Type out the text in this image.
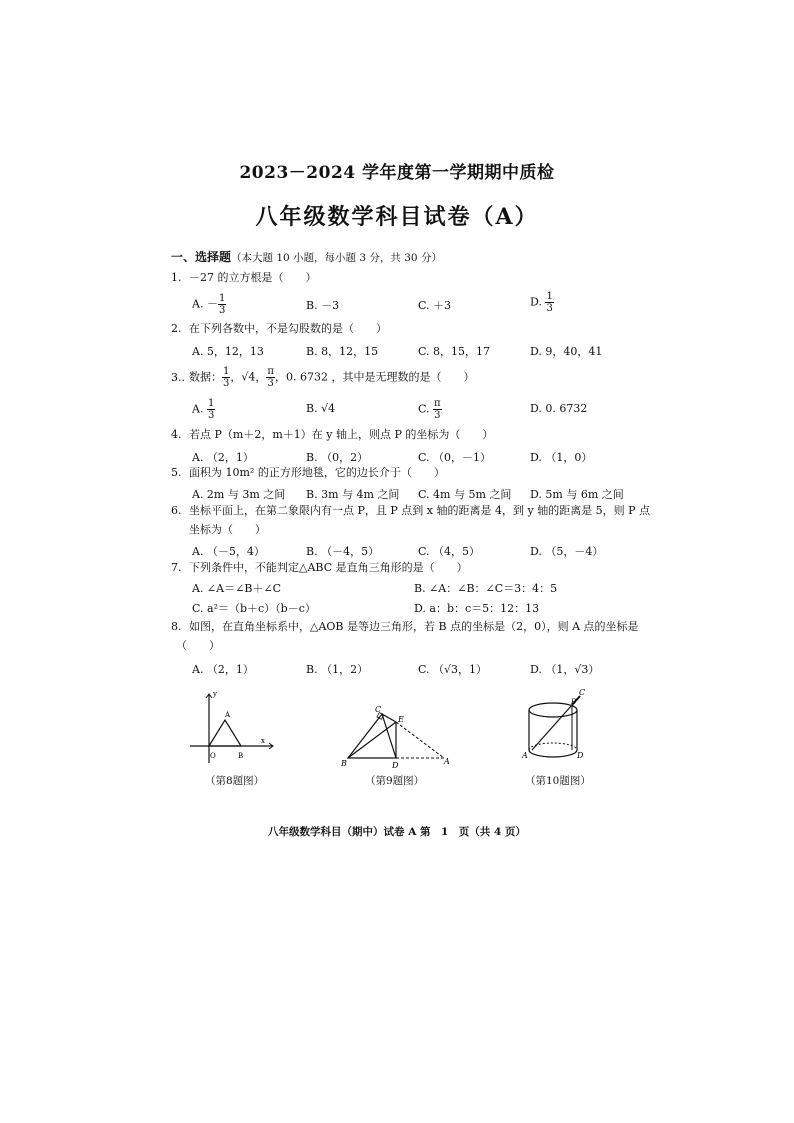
2023－2024 学年度第一学期期中质检
八年级数学科目试卷（A）
一、选择题（本大题 10 小题，每小题 3 分，共 30 分）
1. －27 的立方根是（　　）
A. － $\frac{1}{3}$	B. －3	C. ＋3	D. $\frac{1}{3}$
2. 在下列各数中，不是勾股数的是（　　）
A. 5，12，13	B. 8，12，15	C. 8，15，17	D. 9，40，41
3.. 数据： $\frac{1}{3}$ ，√4， $\frac{\pi}{3}$ ，0. 6732 ，其中是无理数的是（　　）
A. $\frac{1}{3}$	B. √4	C. $\frac{\pi}{3}$	D. 0. 6732
4. 若点 P（m＋2，m＋1）在 y 轴上，则点 P 的坐标为（　　）
A. （2，1）	B. （0，2）	C. （0，－1）	D. （1，0）
5. 面积为 10m² 的正方形地毯，它的边长介于（　　）
A. 2m 与 3m 之间 B. 3m 与 4m 之间 C. 4m 与 5m 之间 D. 5m 与 6m 之间
6. 坐标平面上，在第二象限内有一点 P，且 P 点到 x 轴的距离是 4，到 y 轴的距离是 5，则 P 点
坐标为（　　）
A. （－5，4）	B. （－4，5）	C. （4，5）	D. （5，－4）
7. 下列条件中，不能判定△ABC 是直角三角形的是（　　）
A. ∠A＝∠B＋∠C	B. ∠A：∠B：∠C＝3：4：5
C. a²＝（b＋c）（b－c）	D. a：b：c＝5：12：13
8. 如图，在直角坐标系中，△AOB 是等边三角形，若 B 点的坐标是（2，0），则 A 点的坐标是
（　　）
A. （2，1）	B. （1，2）	C. （√3，1）	D. （1，√3）
y
x
A
O	B
（第8题图）
C
E
B	D	A
（第9题图）
B
C
A	D
（第10题图）
八年级数学科目（期中）试卷 A 第　1　页（共 4 页）
